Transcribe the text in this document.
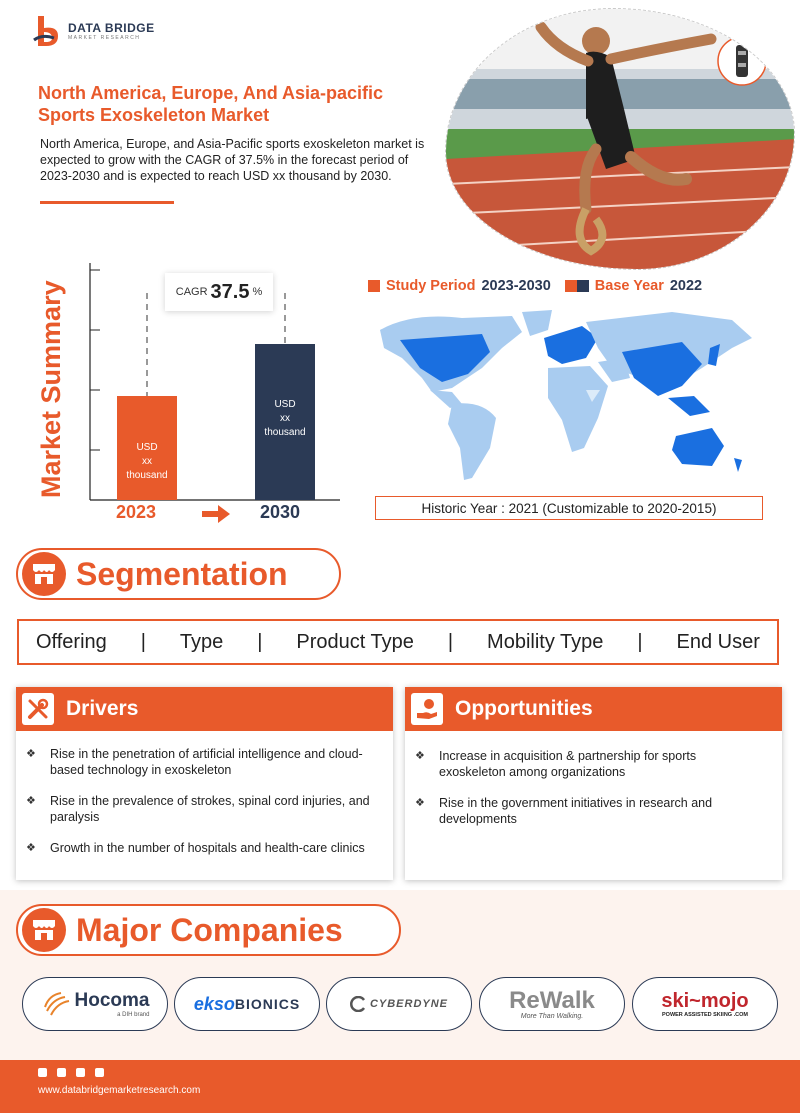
DATA BRIDGE
MARKET RESEARCH
North America, Europe, And Asia-pacific
Sports Exoskeleton Market
North America, Europe, and Asia-Pacific sports exoskeleton market is expected to grow with the CAGR of 37.5% in the forecast period of 2023-2030 and is expected to reach USD xx thousand by 2030.
Market Summary	USD
xx
thousand
USD
xx
thousand
CAGR 37.5 %
2023	2030
Study Period 2023-2030	Base Year 2022
Historic Year : 2021 (Customizable to 2020-2015)
Segmentation
Offering | Type | Product Type | Mobility Type | End User
Drivers
❖ Rise in the penetration of artificial intelligence and cloud-based technology in exoskeleton
❖ Rise in the prevalence of strokes, spinal cord injuries, and paralysis
❖ Growth in the number of hospitals and health-care clinics
Opportunities
❖ Increase in acquisition & partnership for sports exoskeleton among organizations
❖ Rise in the government initiatives in research and developments
Major Companies
Hocoma
a DIH brand
ekso BIONICS	CYBERDYNE	ReWalk
More Than Walking.
ski~mojo
POWER ASSISTED SKIING .COM
www.databridgemarketresearch.com
